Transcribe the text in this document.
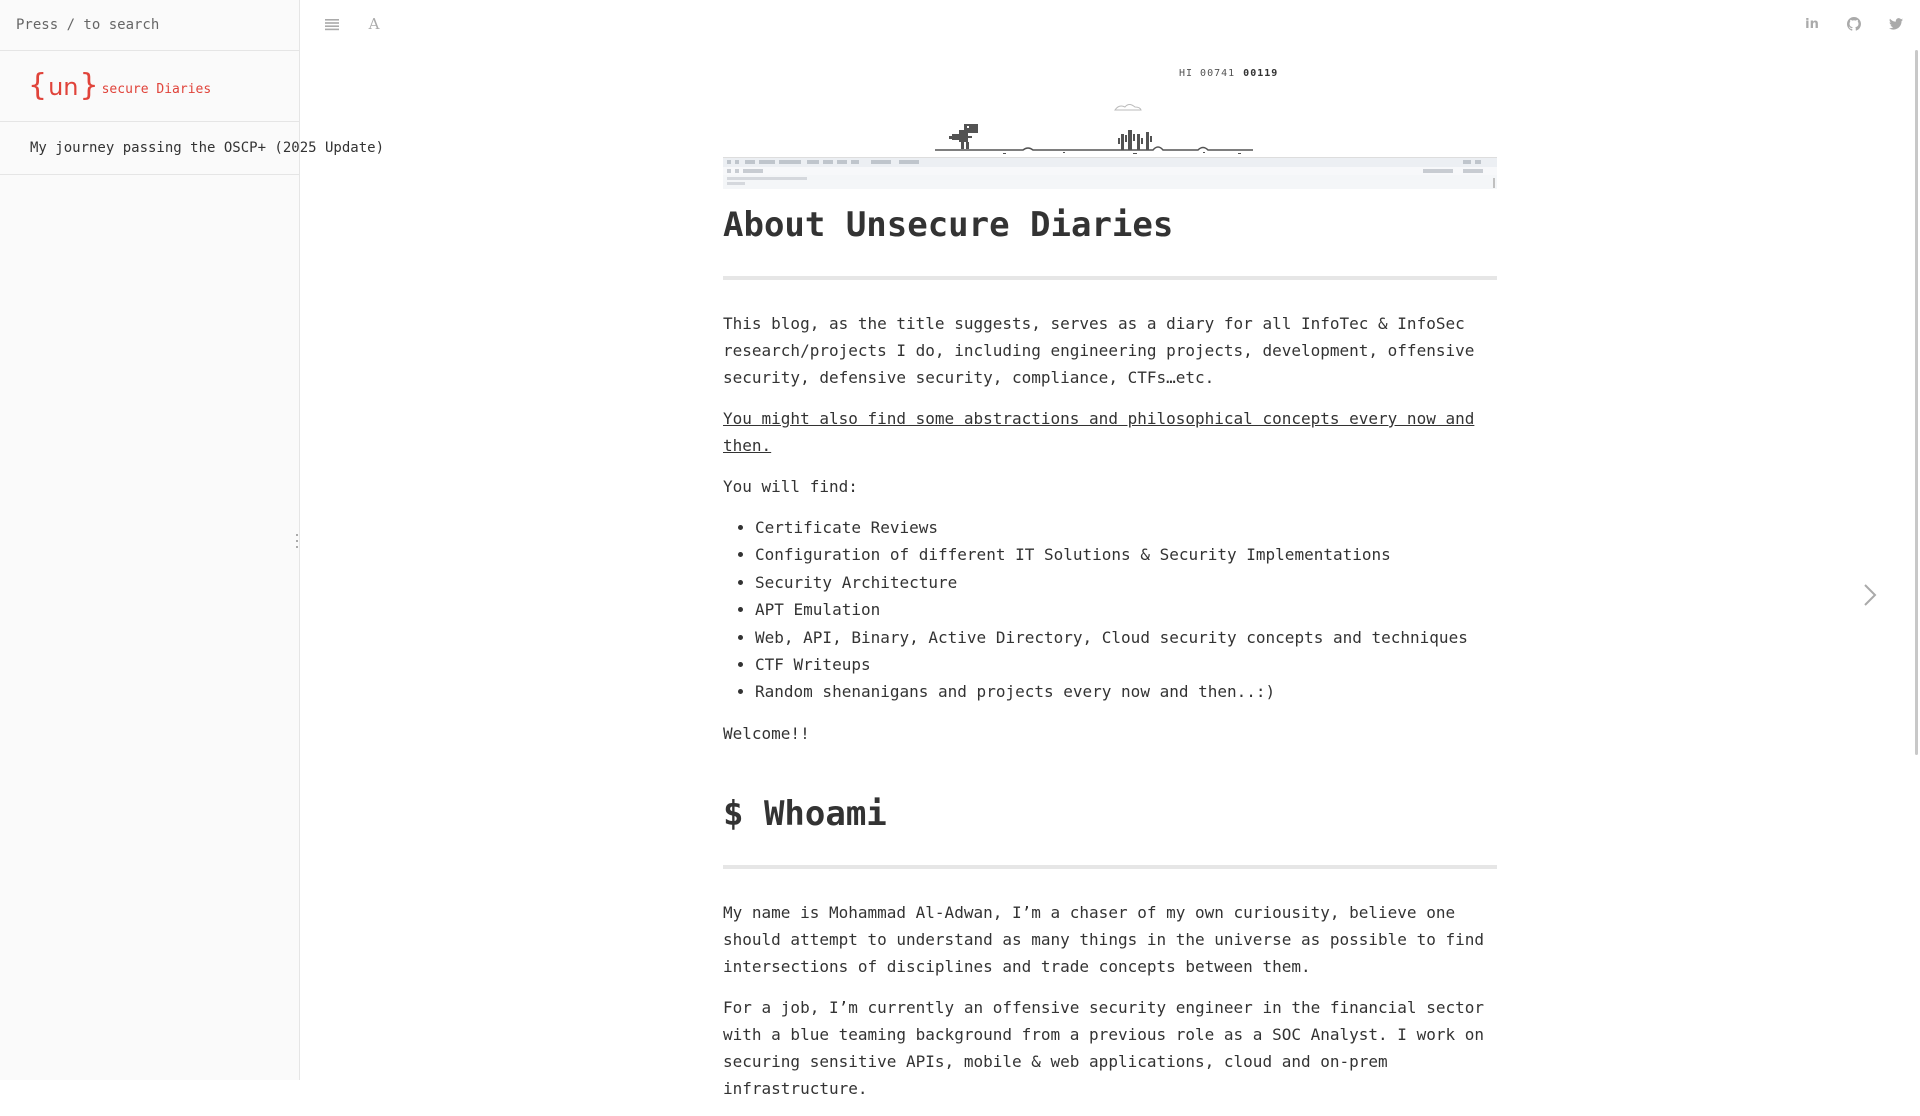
Press / to search
{ un } secure Diaries
My journey passing the OSCP+ (2025 Update)
A	in
HI 00741 00119
About Unsecure Diaries

This blog, as the title suggests, serves as a diary for all InfoTec & InfoSec research/projects I do, including engineering projects, development, offensive security, defensive security, compliance, CTFs…etc.

You might also find some abstractions and philosophical concepts every now and then.

You will find:

• Certificate Reviews
• Configuration of different IT Solutions & Security Implementations
• Security Architecture
• APT Emulation
• Web, API, Binary, Active Directory, Cloud security concepts and techniques
• CTF Writeups
• Random shenanigans and projects every now and then..:)

Welcome!!

$ Whoami

My name is Mohammad Al-Adwan, I’m a chaser of my own curiousity, believe one should attempt to understand as many things in the universe as possible to find intersections of disciplines and trade concepts between them.

For a job, I’m currently an offensive security engineer in the financial sector with a blue teaming background from a previous role as a SOC Analyst. I work on securing sensitive APIs, mobile & web applications, cloud and on-prem infrastructure.
